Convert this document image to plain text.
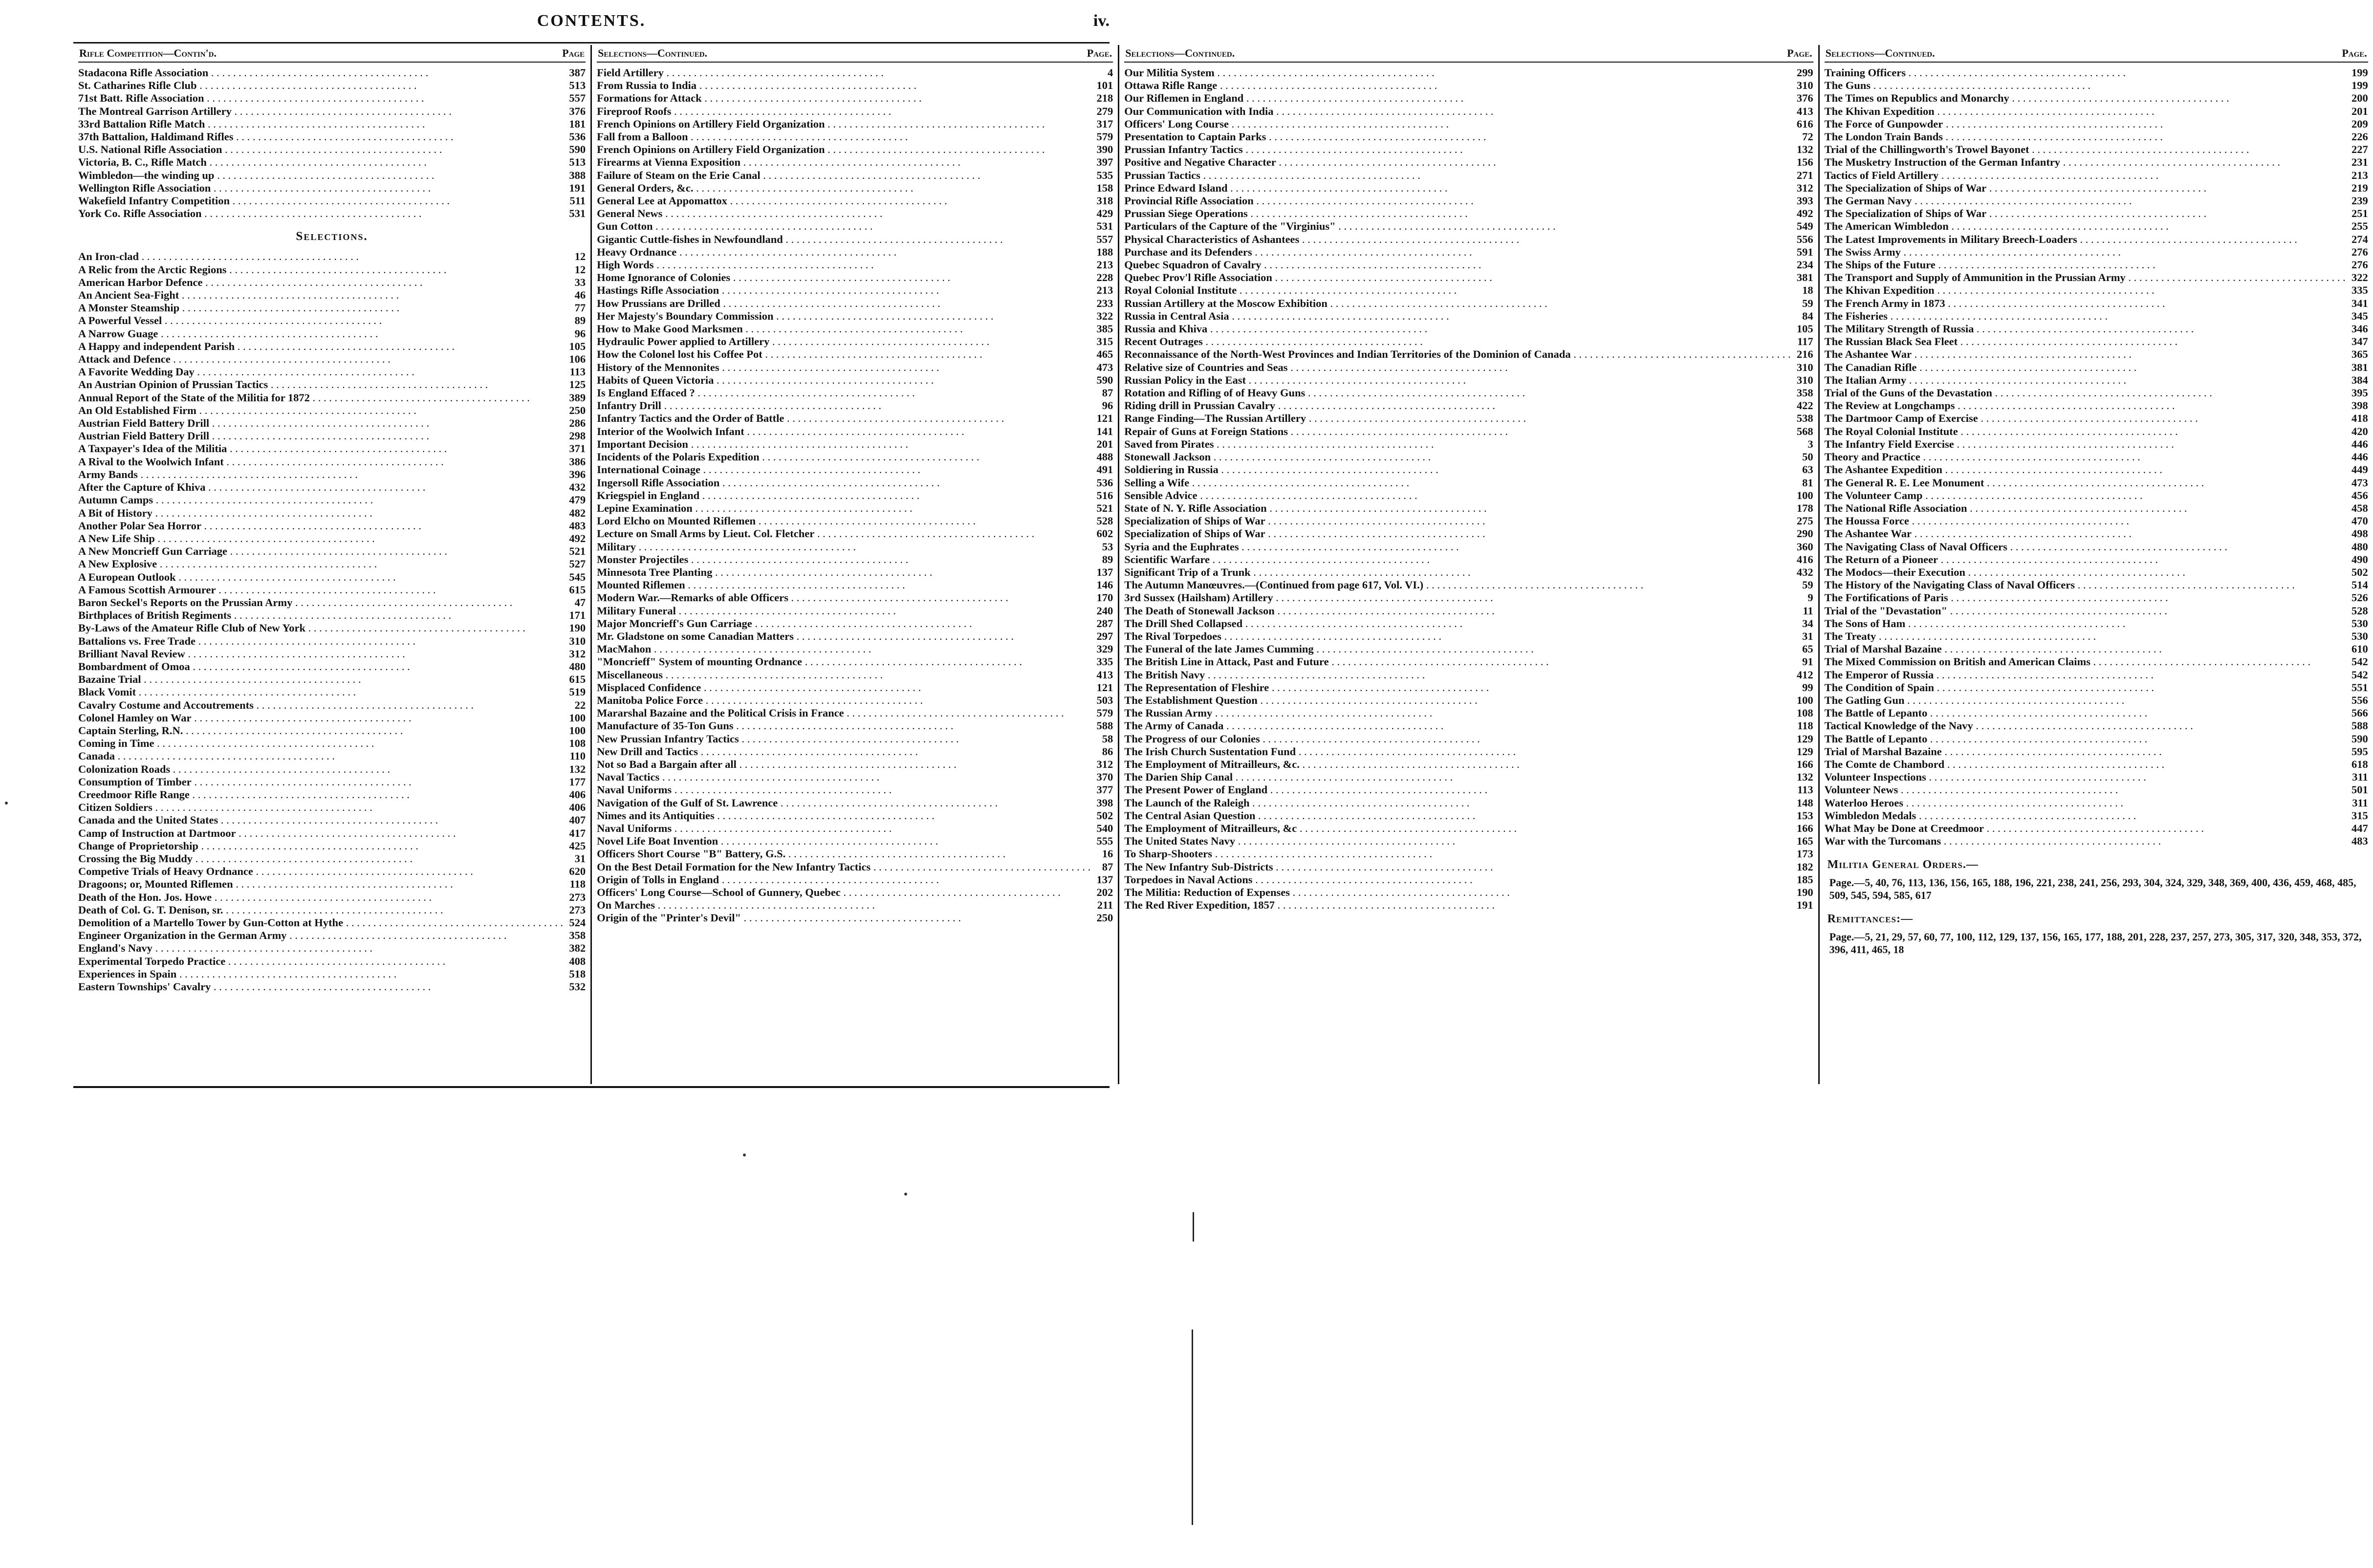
CONTENTS.	iv.
Rifle Competition—Contin'd.	Page
Stadacona Rifle Association . . .	387
St. Catharines Rifle Club . . .	513
71st Batt. Rifle Association . . .	557
The Montreal Garrison Artillery . . .	376
33rd Battalion Rifle Match . . .	181
37th Battalion, Haldimand Rifles . . .	536
U.S. National Rifle Association . . .	590
Victoria, B. C., Rifle Match . . .	513
Wimbledon—the winding up . . .	388
Wellington Rifle Association . . .	191
Wakefield Infantry Competition . . .	511
York Co. Rifle Association . . .	531
Selections.
An Iron-clad . . .	12
A Relic from the Arctic Regions . . .	12
American Harbor Defence . . .	33
An Ancient Sea-Fight . . .	46
A Monster Steamship . . .	77
A Powerful Vessel . . .	89
A Narrow Guage . . .	96
A Happy and independent Parish . . .	105
Attack and Defence . . .	106
A Favorite Wedding Day . . .	113
An Austrian Opinion of Prussian Tactics . . .	125
Annual Report of the State of the Militia for 1872 . . .	389
An Old Established Firm . . .	250
Austrian Field Battery Drill . . .	286
Austrian Field Battery Drill . . .	298
A Taxpayer's Idea of the Militia . . .	371
A Rival to the Woolwich Infant . . .	386
Army Bands . . .	396
After the Capture of Khiva . . .	432
Autumn Camps . . .	479
A Bit of History . . .	482
Another Polar Sea Horror . . .	483
A New Life Ship . . .	492
A New Moncrieff Gun Carriage . . .	521
A New Explosive . . .	527
A European Outlook . . .	545
A Famous Scottish Armourer . . .	615
Baron Seckel's Reports on the Prussian Army . . .	47
Birthplaces of British Regiments . . .	171
By-Laws of the Amateur Rifle Club of New York . . .	190
Battalions vs. Free Trade . . .	310
Brilliant Naval Review . . .	312
Bombardment of Omoa . . .	480
Bazaine Trial . . .	615
Black Vomit . . .	519
Cavalry Costume and Accoutrements . . .	22
Colonel Hamley on War . . .	100
Captain Sterling, R.N. . . .	100
Coming in Time . . .	108
Canada . . .	110
Colonization Roads . . .	132
Consumption of Timber . . .	177
Creedmoor Rifle Range . . .	406
Citizen Soldiers . . .	406
Canada and the United States . . .	407
Camp of Instruction at Dartmoor . . .	417
Change of Proprietorship . . .	425
Crossing the Big Muddy . . .	31
Competive Trials of Heavy Ordnance . . .	620
Dragoons; or, Mounted Riflemen . . .	118
Death of the Hon. Jos. Howe . . .	273
Death of Col. G. T. Denison, sr. . . .	273
Demolition of a Martello Tower by Gun-Cotton at Hythe . . .	524
Engineer Organization in the German Army . . .	358
England's Navy . . .	382
Experimental Torpedo Practice . . .	408
Experiences in Spain . . .	518
Eastern Townships' Cavalry . . .	532
Selections—Continued.	Page.
Field Artillery . . .	4
From Russia to India . . .	101
Formations for Attack . . .	218
Fireproof Roofs . . .	279
French Opinions on Artillery Field Organization . . .	317
Fall from a Balloon . . .	579
French Opinions on Artillery Field Organization . . .	390
Firearms at Vienna Exposition . . .	397
Failure of Steam on the Erie Canal . . .	535
General Orders, &c. . . .	158
General Lee at Appomattox . . .	318
General News . . .	429
Gun Cotton . . .	531
Gigantic Cuttle-fishes in Newfoundland . . .	557
Heavy Ordnance . . .	188
High Words . . .	213
Home Ignorance of Colonies . . .	228
Hastings Rifle Association . . .	213
How Prussians are Drilled . . .	233
Her Majesty's Boundary Commission . . .	322
How to Make Good Marksmen . . .	385
Hydraulic Power applied to Artillery . . .	315
How the Colonel lost his Coffee Pot . . .	465
History of the Mennonites . . .	473
Habits of Queen Victoria . . .	590
Is England Effaced ? . . .	87
Infantry Drill . . .	96
Infantry Tactics and the Order of Battle . . .	121
Interior of the Woolwich Infant . . .	141
Important Decision . . .	201
Incidents of the Polaris Expedition . . .	488
International Coinage . . .	491
Ingersoll Rifle Association . . .	536
Kriegspiel in England . . .	516
Lepine Examination . . .	521
Lord Elcho on Mounted Riflemen . . .	528
Lecture on Small Arms by Lieut. Col. Fletcher . . .	602
Military . . .	53
Monster Projectiles . . .	89
Minnesota Tree Planting . . .	137
Mounted Riflemen . . .	146
Modern War.—Remarks of able Officers . . .	170
Military Funeral . . .	240
Major Moncrieff's Gun Carriage . . .	287
Mr. Gladstone on some Canadian Matters . . .	297
MacMahon . . .	329
"Moncrieff" System of mounting Ordnance . . .	335
Miscellaneous . . .	413
Misplaced Confidence . . .	121
Manitoba Police Force . . .	503
Mararshal Bazaine and the Political Crisis in France . . .	579
Manufacture of 35-Ton Guns . . .	588
New Prussian Infantry Tactics . . .	58
New Drill and Tactics . . .	86
Not so Bad a Bargain after all . . .	312
Naval Tactics . . .	370
Naval Uniforms . . .	377
Navigation of the Gulf of St. Lawrence . . .	398
Nimes and its Antiquities . . .	502
Naval Uniforms . . .	540
Novel Life Boat Invention . . .	555
Officers Short Course "B" Battery, G.S. . . .	16
On the Best Detail Formation for the New Infantry Tactics . . .	87
Origin of Tolls in England . . .	137
Officers' Long Course—School of Gunnery, Quebec . . .	202
On Marches . . .	211
Origin of the "Printer's Devil" . . .	250
Selections—Continued.	Page.
Our Militia System . . .	299
Ottawa Rifle Range . . .	310
Our Riflemen in England . . .	376
Our Communication with India . . .	413
Officers' Long Course . . .	616
Presentation to Captain Parks . . .	72
Prussian Infantry Tactics . . .	132
Positive and Negative Character . . .	156
Prussian Tactics . . .	271
Prince Edward Island . . .	312
Provincial Rifle Association . . .	393
Prussian Siege Operations . . .	492
Particulars of the Capture of the "Virginius" . . .	549
Physical Characteristics of Ashantees . . .	556
Purchase and its Defenders . . .	591
Quebec Squadron of Cavalry . . .	234
Quebec Prov'l Rifle Association . . .	381
Royal Colonial Institute . . .	18
Russian Artillery at the Moscow Exhibition . . .	59
Russia in Central Asia . . .	84
Russia and Khiva . . .	105
Recent Outrages . . .	117
Reconnaissance of the North-West Provinces and Indian Territories of the Dominion of Canada . . .	216
Relative size of Countries and Seas . . .	310
Russian Policy in the East . . .	310
Rotation and Rifling of of Heavy Guns . . .	358
Riding drill in Prussian Cavalry . . .	422
Range Finding—The Russian Artillery . . .	538
Repair of Guns at Foreign Stations . . .	568
Saved from Pirates . . .	3
Stonewall Jackson . . .	50
Soldiering in Russia . . .	63
Selling a Wife . . .	81
Sensible Advice . . .	100
State of N. Y. Rifle Association . . .	178
Specialization of Ships of War . . .	275
Specialization of Ships of War . . .	290
Syria and the Euphrates . . .	360
Scientific Warfare . . .	416
Significant Trip of a Trunk . . .	432
The Autumn Manœuvres.—(Continued from page 617, Vol. VI.) . . .	59
3rd Sussex (Hailsham) Artillery . . .	9
The Death of Stonewall Jackson . . .	11
The Drill Shed Collapsed . . .	34
The Rival Torpedoes . . .	31
The Funeral of the late James Cumming . . .	65
The British Line in Attack, Past and Future . . .	91
The British Navy . . .	412
The Representation of Fleshire . . .	99
The Establishment Question . . .	100
The Russian Army . . .	108
The Army of Canada . . .	118
The Progress of our Colonies . . .	129
The Irish Church Sustentation Fund . . .	129
The Employment of Mitrailleurs, &c. . . .	166
The Darien Ship Canal . . .	132
The Present Power of England . . .	113
The Launch of the Raleigh . . .	148
The Central Asian Question . . .	153
The Employment of Mitrailleurs, &c . . .	166
The United States Navy . . .	165
To Sharp-Shooters . . .	173
The New Infantry Sub-Districts . . .	182
Torpedoes in Naval Actions . . .	185
The Militia: Reduction of Expenses . . .	190
The Red River Expedition, 1857 . . .	191
Selections—Continued.	Page.
Training Officers . . .	199
The Guns . . .	199
The Times on Republics and Monarchy . . .	200
The Khivan Expedition . . .	201
The Force of Gunpowder . . .	209
The London Train Bands . . .	226
Trial of the Chillingworth's Trowel Bayonet . . .	227
The Musketry Instruction of the German Infantry . . .	231
Tactics of Field Artillery . . .	213
The Specialization of Ships of War . . .	219
The German Navy . . .	239
The Specialization of Ships of War . . .	251
The American Wimbledon . . .	255
The Latest Improvements in Military Breech-Loaders . . .	274
The Swiss Army . . .	276
The Ships of the Future . . .	276
The Transport and Supply of Ammunition in the Prussian Army . . .	322
The Khivan Expedition . . .	335
The French Army in 1873 . . .	341
The Fisheries . . .	345
The Military Strength of Russia . . .	346
The Russian Black Sea Fleet . . .	347
The Ashantee War . . .	365
The Canadian Rifle . . .	381
The Italian Army . . .	384
Trial of the Guns of the Devastation . . .	395
The Review at Longchamps . . .	398
The Dartmoor Camp of Exercise . . .	418
The Royal Colonial Institute . . .	420
The Infantry Field Exercise . . .	446
Theory and Practice . . .	446
The Ashantee Expedition . . .	449
The General R. E. Lee Monument . . .	473
The Volunteer Camp . . .	456
The National Rifle Association . . .	458
The Houssa Force . . .	470
The Ashantee War . . .	498
The Navigating Class of Naval Officers . . .	480
The Return of a Pioneer . . .	490
The Modocs—their Execution . . .	502
The History of the Navigating Class of Naval Officers . . .	514
The Fortifications of Paris . . .	526
Trial of the "Devastation" . . .	528
The Sons of Ham . . .	530
The Treaty . . .	530
Trial of Marshal Bazaine . . .	610
The Mixed Commission on British and American Claims . . .	542
The Emperor of Russia . . .	542
The Condition of Spain . . .	551
The Gatling Gun . . .	556
The Battle of Lepanto . . .	566
Tactical Knowledge of the Navy . . .	588
The Battle of Lepanto . . .	590
Trial of Marshal Bazaine . . .	595
The Comte de Chambord . . .	618
Volunteer Inspections . . .	311
Volunteer News . . .	501
Waterloo Heroes . . .	311
Wimbledon Medals . . .	315
What May be Done at Creedmoor . . .	447
War with the Turcomans . . .	483
Militia General Orders.—
Page.—5, 40, 76, 113, 136, 156, 165, 188, 196, 221, 238, 241, 256, 293, 304, 324, 329, 348, 369, 400, 436, 459, 468, 485, 509, 545, 594, 585, 617
Remittances:—
Page.—5, 21, 29, 57, 60, 77, 100, 112, 129, 137, 156, 165, 177, 188, 201, 228, 237, 257, 273, 305, 317, 320, 348, 353, 372, 396, 411, 465, 18
